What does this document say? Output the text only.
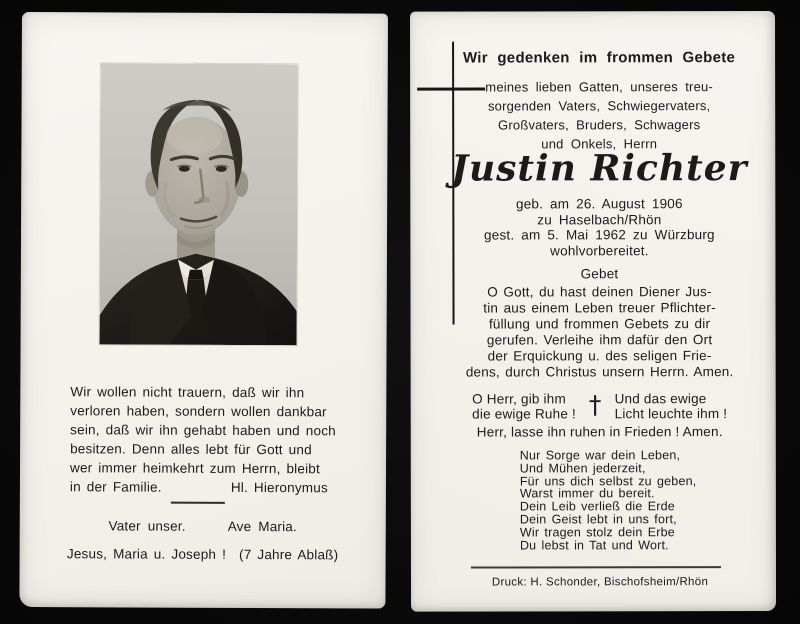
Wir wollen nicht trauern, daß wir ihn
verloren haben, sondern wollen dankbar
sein, daß wir ihn gehabt haben und noch
besitzen. Denn alles lebt für Gott und
wer immer heimkehrt zum Herrn, bleibt
in der Familie.	Hl. Hieronymus
Vater unser.	Ave Maria.
Jesus, Maria u. Joseph ! (7 Jahre Ablaß)
Wir gedenken im frommen Gebete
meines lieben Gatten, unseres treu-
sorgenden Vaters, Schwiegervaters,
Großvaters, Bruders, Schwagers
und Onkels, Herrn
Justin Richter
geb. am 26. August 1906
zu Haselbach/Rhön
gest. am 5. Mai 1962 zu Würzburg
wohlvorbereitet.
Gebet
O Gott, du hast deinen Diener Jus-
tin aus einem Leben treuer Pflichter-
füllung und frommen Gebets zu dir
gerufen. Verleihe ihm dafür den Ort
der Erquickung u. des seligen Frie-
dens, durch Christus unsern Herrn. Amen.
O Herr, gib ihm
die ewige Ruhe ! † Und das ewige
Licht leuchte ihm !
Herr, lasse ihn ruhen in Frieden ! Amen.
Nur Sorge war dein Leben,
Und Mühen jederzeit,
Für uns dich selbst zu geben,
Warst immer du bereit.
Dein Leib verließ die Erde
Dein Geist lebt in uns fort,
Wir tragen stolz dein Erbe
Du lebst in Tat und Wort.
Druck: H. Schonder, Bischofsheim/Rhön
